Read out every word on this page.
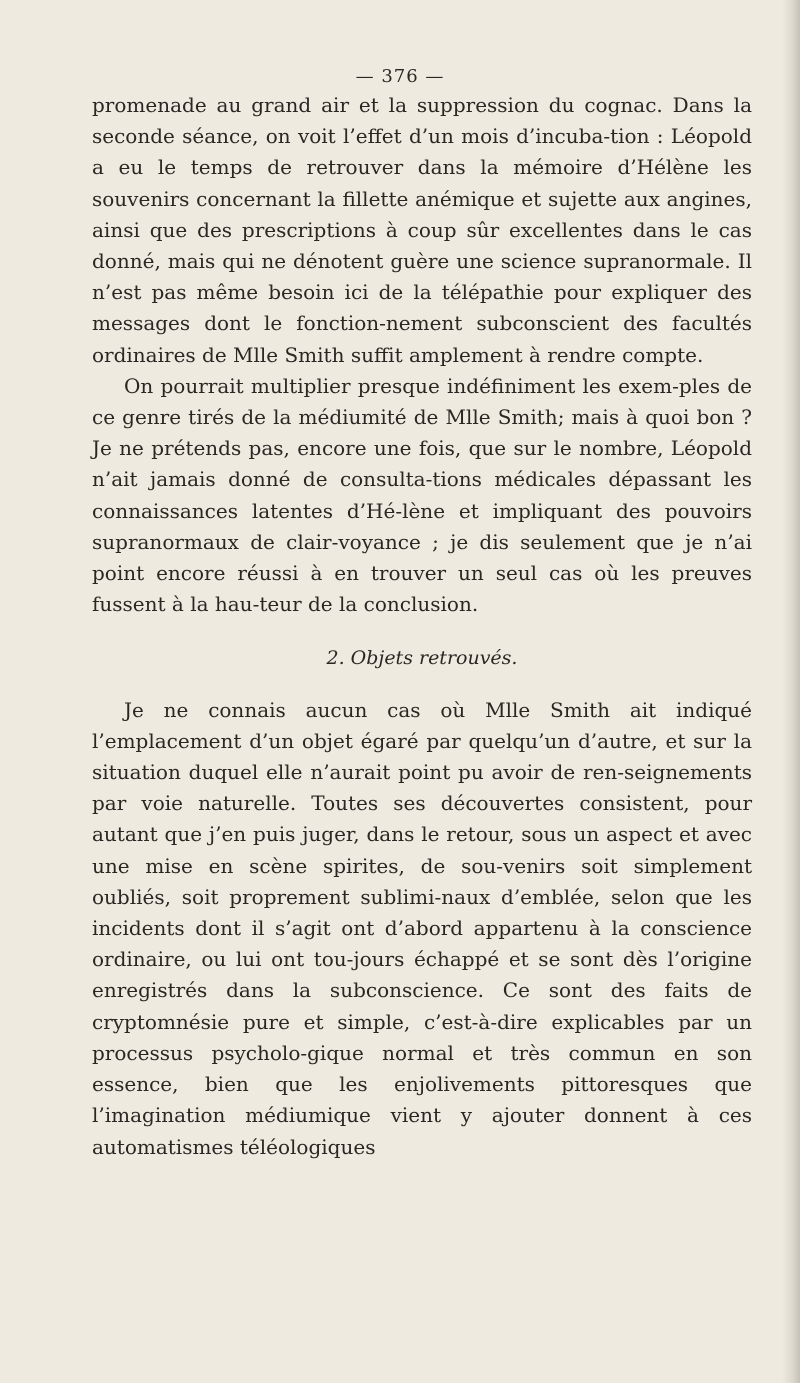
— 376 —

promenade au grand air et la suppression du cognac. Dans la seconde séance, on voit l’effet d’un mois d’incuba-tion : Léopold a eu le temps de retrouver dans la mémoire d’Hélène les souvenirs concernant la fillette anémique et sujette aux angines, ainsi que des prescriptions à coup sûr excellentes dans le cas donné, mais qui ne dénotent guère une science supranormale. Il n’est pas même besoin ici de la télépathie pour expliquer des messages dont le fonction-nement subconscient des facultés ordinaires de Mlle Smith suffit amplement à rendre compte.

On pourrait multiplier presque indéfiniment les exem-ples de ce genre tirés de la médiumité de Mlle Smith; mais à quoi bon ? Je ne prétends pas, encore une fois, que sur le nombre, Léopold n’ait jamais donné de consulta-tions médicales dépassant les connaissances latentes d’Hé-lène et impliquant des pouvoirs supranormaux de clair-voyance ; je dis seulement que je n’ai point encore réussi à en trouver un seul cas où les preuves fussent à la hau-teur de la conclusion.

2. Objets retrouvés.

Je ne connais aucun cas où Mlle Smith ait indiqué l’emplacement d’un objet égaré par quelqu’un d’autre, et sur la situation duquel elle n’aurait point pu avoir de ren-seignements par voie naturelle. Toutes ses découvertes consistent, pour autant que j’en puis juger, dans le retour, sous un aspect et avec une mise en scène spirites, de sou-venirs soit simplement oubliés, soit proprement sublimi-naux d’emblée, selon que les incidents dont il s’agit ont d’abord appartenu à la conscience ordinaire, ou lui ont tou-jours échappé et se sont dès l’origine enregistrés dans la subconscience. Ce sont des faits de cryptomnésie pure et simple, c’est-à-dire explicables par un processus psycholo-gique normal et très commun en son essence, bien que les enjolivements pittoresques que l’imagination médiumique vient y ajouter donnent à ces automatismes téléologiques
